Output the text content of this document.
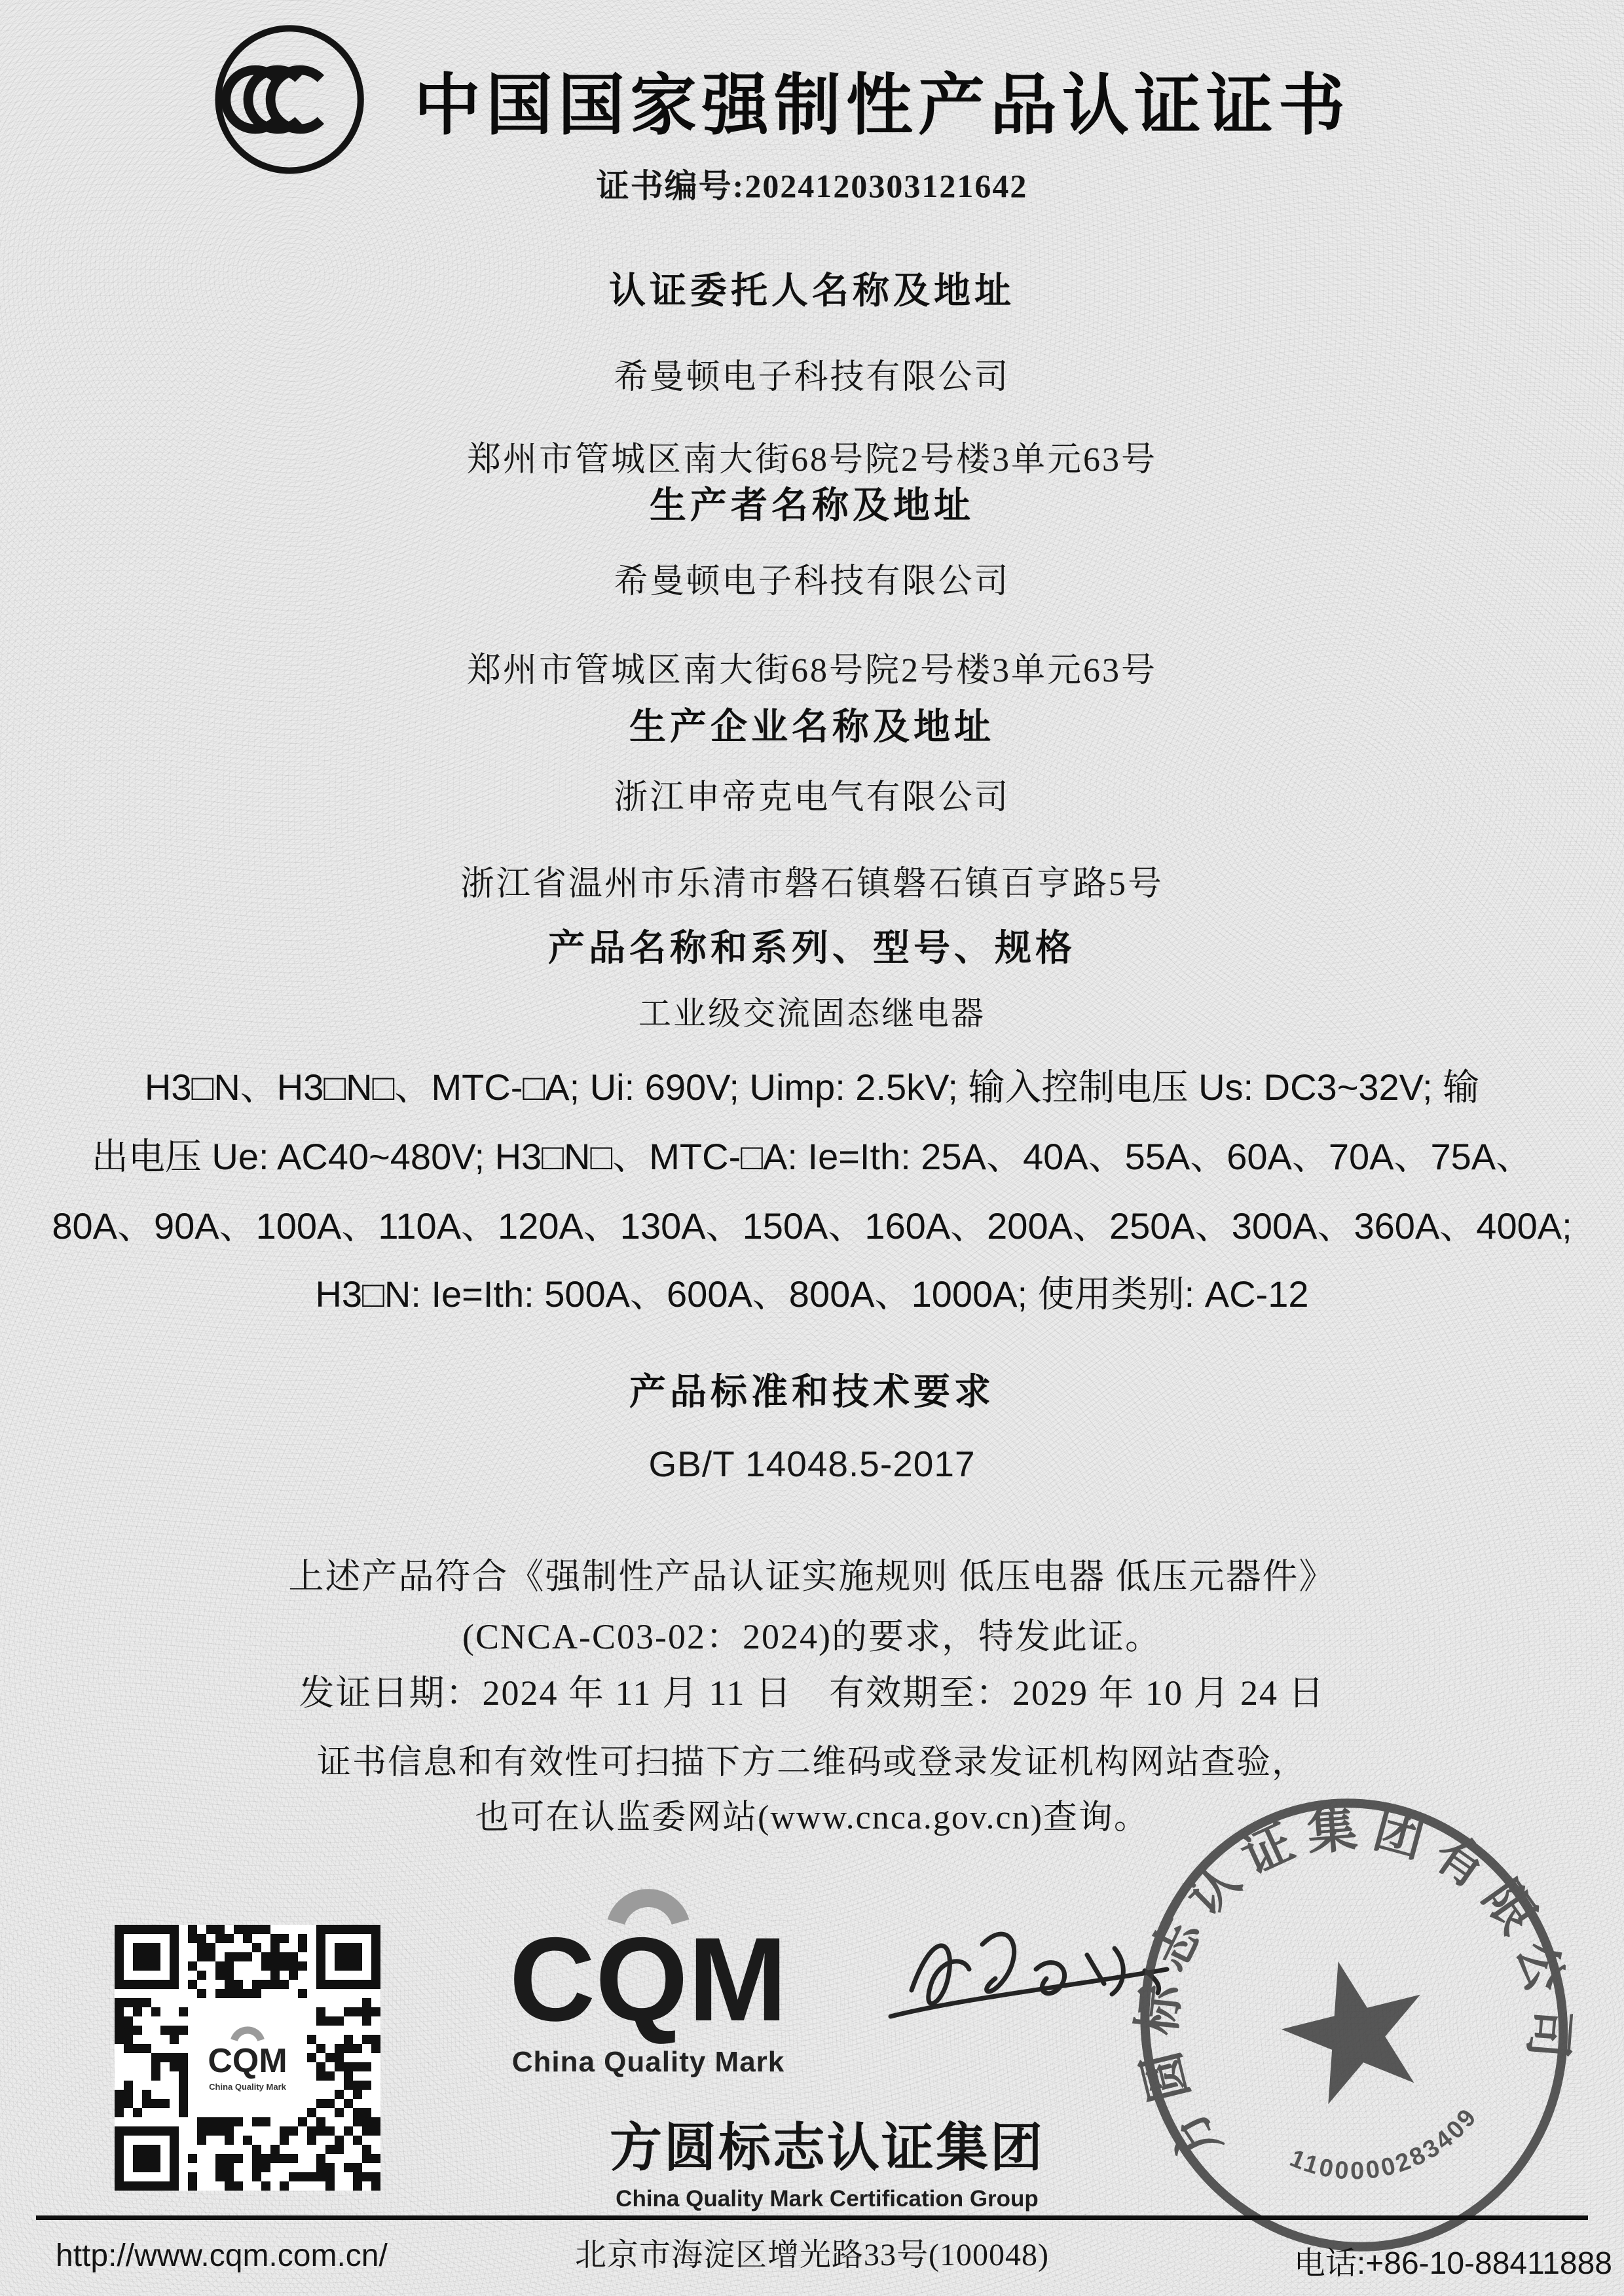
中国国家强制性产品认证证书
证书编号:2024120303121642
认证委托人名称及地址
希曼顿电子科技有限公司
郑州市管城区南大街68号院2号楼3单元63号
生产者名称及地址
希曼顿电子科技有限公司
郑州市管城区南大街68号院2号楼3单元63号
生产企业名称及地址
浙江申帝克电气有限公司
浙江省温州市乐清市磐石镇磐石镇百亨路5号
产品名称和系列、型号、规格
工业级交流固态继电器
H3□N、H3□N□、MTC-□A; Ui: 690V; Uimp: 2.5kV; 输入控制电压 Us: DC3~32V; 输
出电压 Ue: AC40~480V; H3□N□、MTC-□A: Ie=Ith: 25A、40A、55A、60A、70A、75A、
80A、90A、100A、110A、120A、130A、150A、160A、200A、250A、300A、360A、400A;
H3□N: Ie=Ith: 500A、600A、800A、1000A; 使用类别: AC-12
产品标准和技术要求
GB/T 14048.5-2017
上述产品符合《强制性产品认证实施规则 低压电器 低压元器件》
(CNCA-C03-02：2024)的要求，特发此证。
发证日期：2024 年 11 月 11 日　有效期至：2029 年 10 月 24 日
证书信息和有效性可扫描下方二维码或登录发证机构网站查验，
也可在认监委网站(www.cnca.gov.cn)查询。
CQM
China Quality Mark
CQM
China Quality Mark
方圆标志认证集团
China Quality Mark Certification Group
方圆标志认证集团有限公司
1100000283409
http://www.cqm.com.cn/	北京市海淀区增光路33号(100048)	电话:+86-10-88411888
